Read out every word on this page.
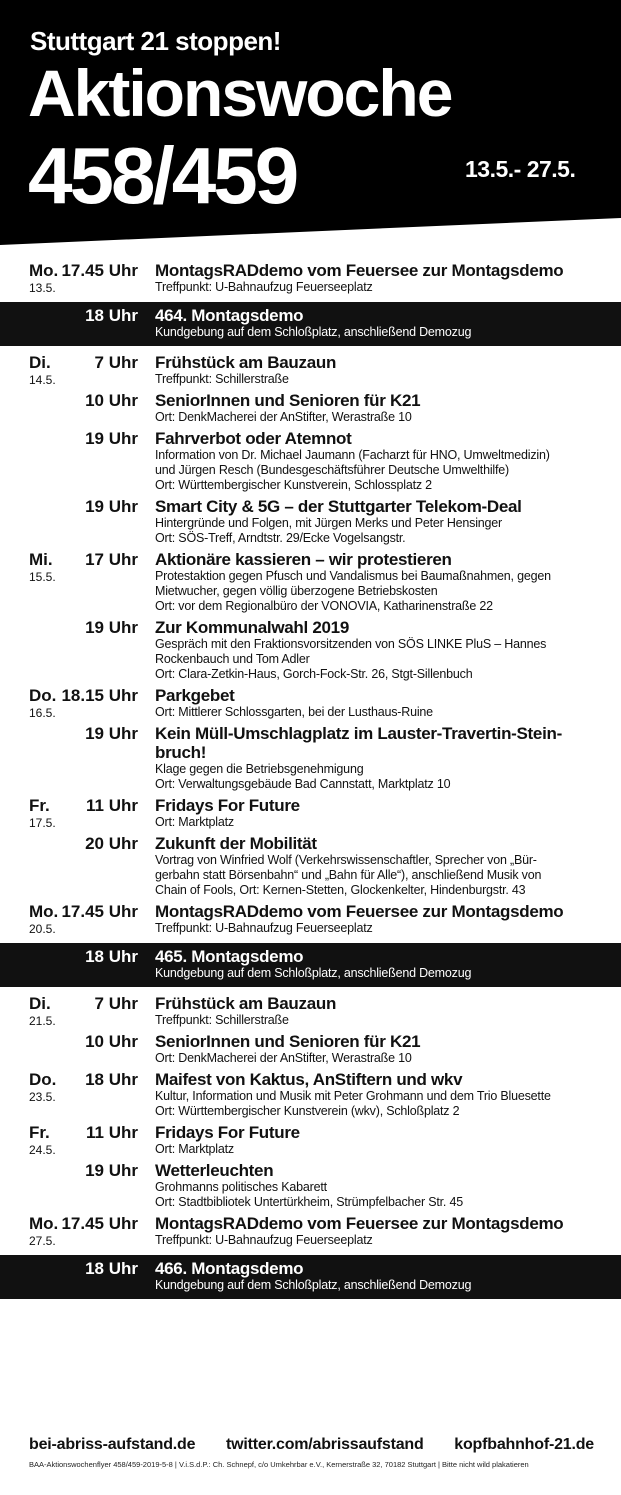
Stuttgart 21 stoppen!
Aktionswoche
458/459	13.5.- 27.5.
Mo.
13.5.
17.45 Uhr MontagsRADdemo vom Feuersee zur Montagsdemo
Treffpunkt: U-Bahnaufzug Feuerseeplatz
18 Uhr 464. Montagsdemo
Kundgebung auf dem Schloßplatz, anschließend Demozug
Di.
14.5.
7 Uhr Frühstück am Bauzaun
Treffpunkt: Schillerstraße
10 Uhr SeniorInnen und Senioren für K21
Ort: DenkMacherei der AnStifter, Werastraße 10
19 Uhr Fahrverbot oder Atemnot
Information von Dr. Michael Jaumann (Facharzt für HNO, Umweltmedizin)
und Jürgen Resch (Bundesgeschäftsführer Deutsche Umwelthilfe)
Ort: Württembergischer Kunstverein, Schlossplatz 2
19 Uhr Smart City & 5G – der Stuttgarter Telekom-Deal
Hintergründe und Folgen, mit Jürgen Merks und Peter Hensinger
Ort: SÖS-Treff, Arndtstr. 29/Ecke Vogelsangstr.
Mi.
15.5.
17 Uhr Aktionäre kassieren – wir protestieren
Protestaktion gegen Pfusch und Vandalismus bei Baumaßnahmen, gegen
Mietwucher, gegen völlig überzogene Betriebskosten
Ort: vor dem Regionalbüro der VONOVIA, Katharinenstraße 22
19 Uhr Zur Kommunalwahl 2019
Gespräch mit den Fraktionsvorsitzenden von SÖS LINKE PluS – Hannes
Rockenbauch und Tom Adler
Ort: Clara-Zetkin-Haus, Gorch-Fock-Str. 26, Stgt-Sillenbuch
Do.
16.5.
18.15 Uhr Parkgebet
Ort: Mittlerer Schlossgarten, bei der Lusthaus-Ruine
19 Uhr Kein Müll-Umschlagplatz im Lauster-Travertin-Stein-bruch!
Klage gegen die Betriebsgenehmigung
Ort: Verwaltungsgebäude Bad Cannstatt, Marktplatz 10
Fr.
17.5.
11 Uhr Fridays For Future
Ort: Marktplatz
20 Uhr Zukunft der Mobilität
Vortrag von Winfried Wolf (Verkehrswissenschaftler, Sprecher von „Bür-
gerbahn statt Börsenbahn“ und „Bahn für Alle“), anschließend Musik von
Chain of Fools, Ort: Kernen-Stetten, Glockenkelter, Hindenburgstr. 43
Mo.
20.5.
17.45 Uhr MontagsRADdemo vom Feuersee zur Montagsdemo
Treffpunkt: U-Bahnaufzug Feuerseeplatz
18 Uhr 465. Montagsdemo
Kundgebung auf dem Schloßplatz, anschließend Demozug
Di.
21.5.
7 Uhr Frühstück am Bauzaun
Treffpunkt: Schillerstraße
10 Uhr SeniorInnen und Senioren für K21
Ort: DenkMacherei der AnStifter, Werastraße 10
Do.
23.5.
18 Uhr Maifest von Kaktus, AnStiftern und wkv
Kultur, Information und Musik mit Peter Grohmann und dem Trio Bluesette
Ort: Württembergischer Kunstverein (wkv), Schloßplatz 2
Fr.
24.5.
11 Uhr Fridays For Future
Ort: Marktplatz
19 Uhr Wetterleuchten
Grohmanns politisches Kabarett
Ort: Stadtbibliotek Untertürkheim, Strümpfelbacher Str. 45
Mo.
27.5.
17.45 Uhr MontagsRADdemo vom Feuersee zur Montagsdemo
Treffpunkt: U-Bahnaufzug Feuerseeplatz
18 Uhr 466. Montagsdemo
Kundgebung auf dem Schloßplatz, anschließend Demozug
bei-abriss-aufstand.de twitter.com/abrissaufstand kopfbahnhof-21.de
BAA-Aktionswochenflyer 458/459-2019-5-8 | V.i.S.d.P.: Ch. Schnepf, c/o Umkehrbar e.V., Kernerstraße 32, 70182 Stuttgart | Bitte nicht wild plakatieren
